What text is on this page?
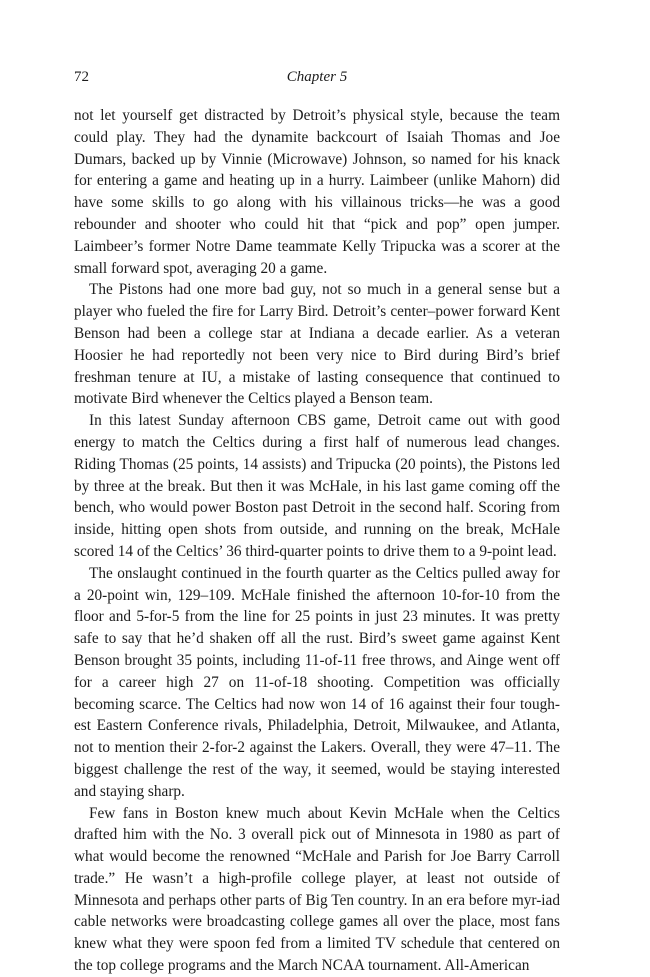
72	Chapter 5

not let yourself get distracted by Detroit’s physical style, because the team could play. They had the dynamite backcourt of Isaiah Thomas and Joe Dumars, backed up by Vinnie (Microwave) Johnson, so named for his knack for entering a game and heating up in a hurry. Laimbeer (unlike Mahorn) did have some skills to go along with his villainous tricks—he was a good rebounder and shooter who could hit that “pick and pop” open jumper. Laimbeer’s former Notre Dame teammate Kelly Tripucka was a scorer at the small forward spot, averaging 20 a game.

The Pistons had one more bad guy, not so much in a general sense but a player who fueled the fire for Larry Bird. Detroit’s center–power forward Kent Benson had been a college star at Indiana a decade earlier. As a veteran Hoosier he had reportedly not been very nice to Bird during Bird’s brief freshman tenure at IU, a mistake of lasting consequence that continued to motivate Bird whenever the Celtics played a Benson team.

In this latest Sunday afternoon CBS game, Detroit came out with good energy to match the Celtics during a first half of numerous lead changes. Riding Thomas (25 points, 14 assists) and Tripucka (20 points), the Pistons led by three at the break. But then it was McHale, in his last game coming off the bench, who would power Boston past Detroit in the second half. Scoring from inside, hitting open shots from outside, and running on the break, McHale scored 14 of the Celtics’ 36 third-quarter points to drive them to a 9-point lead.

The onslaught continued in the fourth quarter as the Celtics pulled away for a 20-point win, 129–109. McHale finished the afternoon 10-for-10 from the floor and 5-for-5 from the line for 25 points in just 23 minutes. It was pretty safe to say that he’d shaken off all the rust. Bird’s sweet game against Kent Benson brought 35 points, including 11-of-11 free throws, and Ainge went off for a career high 27 on 11-of-18 shooting. Competition was officially becoming scarce. The Celtics had now won 14 of 16 against their four tough-est Eastern Conference rivals, Philadelphia, Detroit, Milwaukee, and Atlanta, not to mention their 2-for-2 against the Lakers. Overall, they were 47–11. The biggest challenge the rest of the way, it seemed, would be staying interested and staying sharp.

Few fans in Boston knew much about Kevin McHale when the Celtics drafted him with the No. 3 overall pick out of Minnesota in 1980 as part of what would become the renowned “McHale and Parish for Joe Barry Carroll trade.” He wasn’t a high-profile college player, at least not outside of Minnesota and perhaps other parts of Big Ten country. In an era before myr-iad cable networks were broadcasting college games all over the place, most fans knew what they were spoon fed from a limited TV schedule that centered on the top college programs and the March NCAA tournament. All-American
